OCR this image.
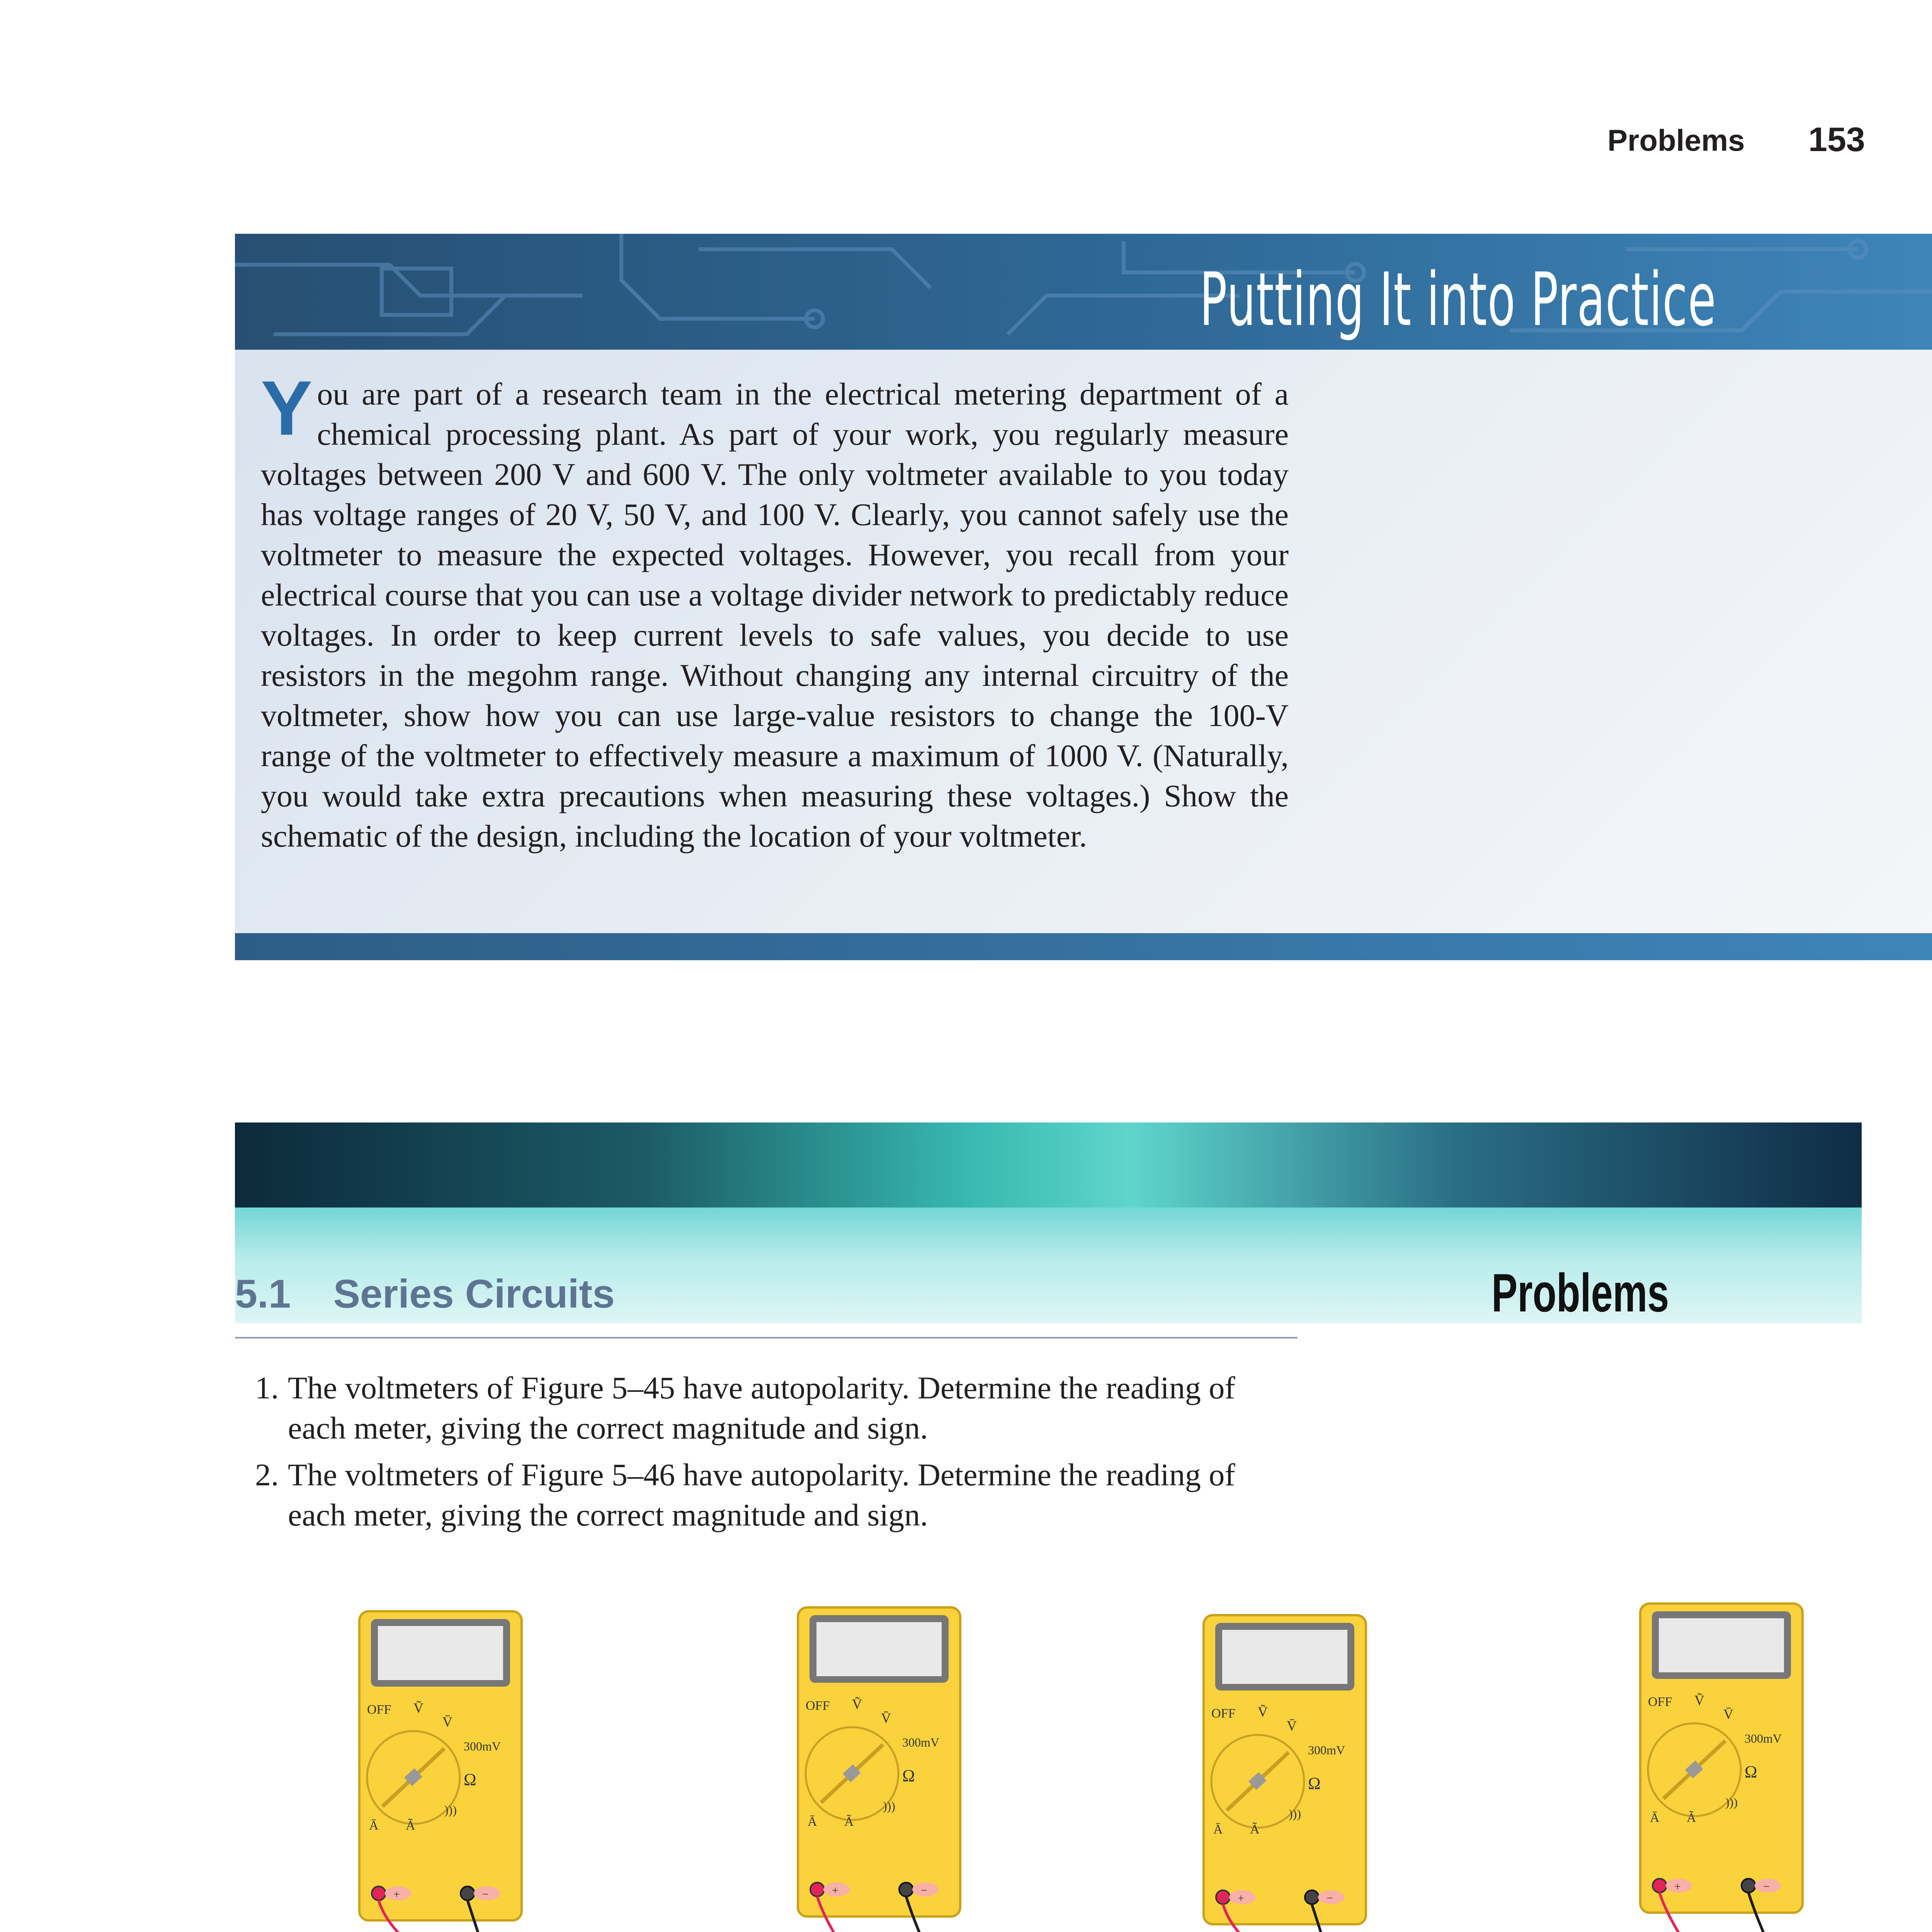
Problems 153
Putting It into Practice
You are part of a research team in the electrical metering department of a chemical processing plant. As part of your work, you regularly measure voltages between 200 V and 600 V. The only voltmeter available to you today has voltage ranges of 20 V, 50 V, and 100 V. Clearly, you cannot safely use the voltmeter to measure the expected voltages. However, you recall from your electrical course that you can use a voltage divider network to predictably reduce voltages. In order to keep current levels to safe values, you decide to use resistors in the megohm range. Without changing any internal circuitry of the voltmeter, show how you can use large-value resistors to change the 100-V range of the voltmeter to effectively measure a maximum of 1000 V. (Naturally, you would take extra precautions when measuring these voltages.) Show the schematic of the design, including the location of your voltmeter.
Problems
5.1 Series Circuits
1. The voltmeters of Figure 5–45 have autopolarity. Determine the reading of each meter, giving the correct magnitude and sign.
2. The voltmeters of Figure 5–46 have autopolarity. Determine the reading of each meter, giving the correct magnitude and sign.
OFF Ṽ
V̄
300mV
Ω
)))
Ā Ã
+	−
OFF Ṽ
V̄
300mV
Ω
)))
Ā Ã
+	−
OFF Ṽ
V̄
300mV
Ω
)))
Ā Ã
+	−
OFF Ṽ
V̄
300mV
Ω
)))
Ā Ã
+	−
